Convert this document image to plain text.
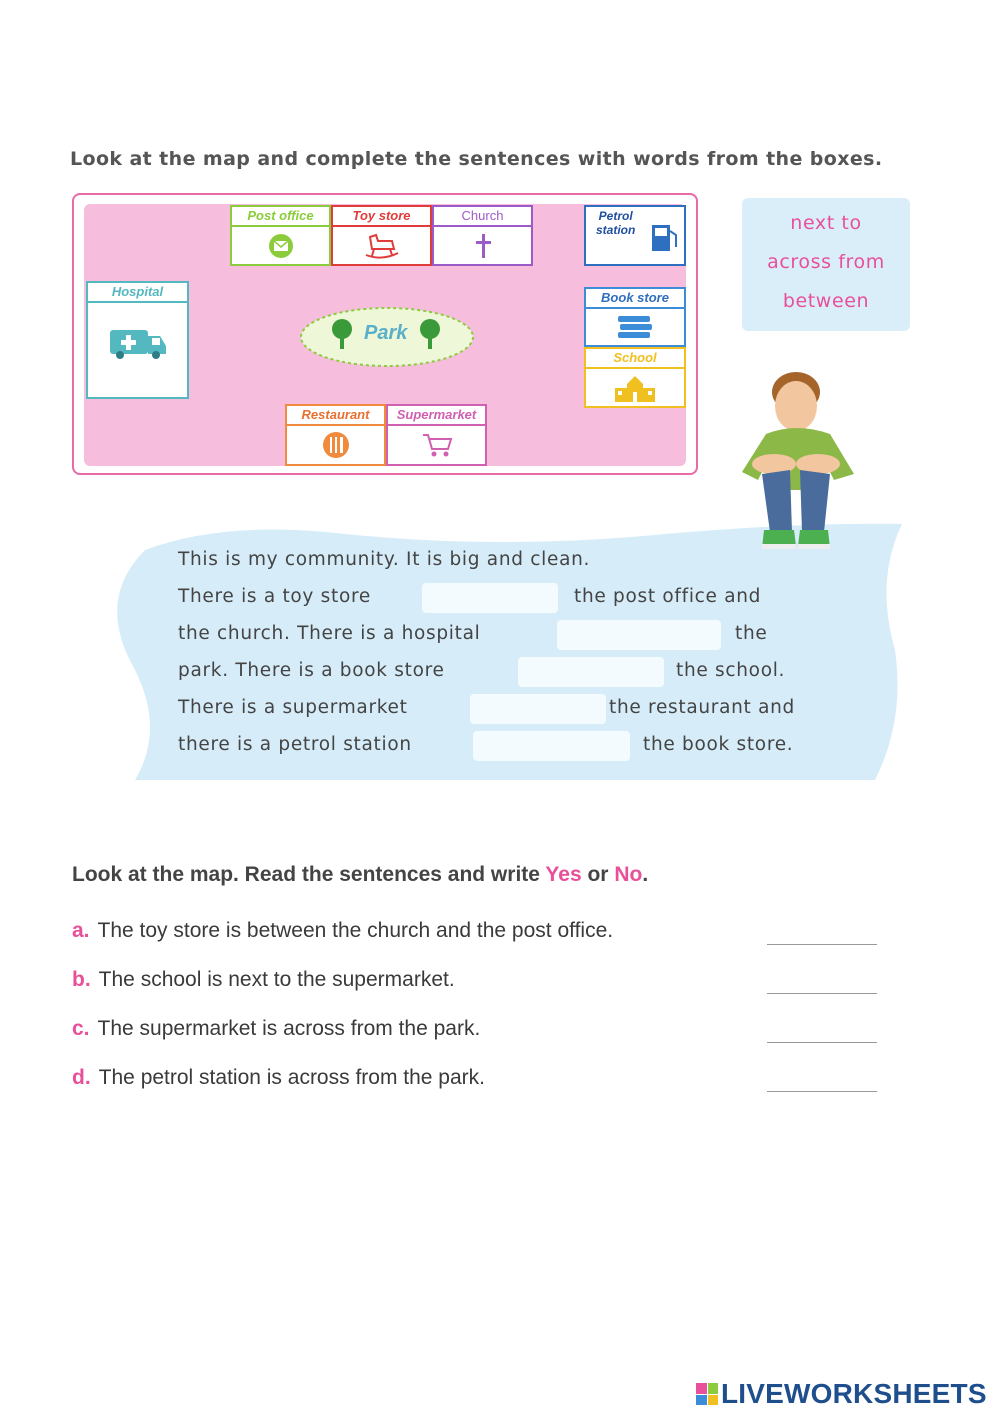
Look at the map and complete the sentences with words from the boxes.
Post office	Toy store	Church	Petrol
station
Hospital	Book store
School
Restaurant	Supermarket
Park
next to
across from
between
This is my community. It is big and clean.
There is a toy store	the post office and
the church. There is a hospital	the
park. There is a book store	the school.
There is a supermarket	the restaurant and
there is a petrol station	the book store.
Look at the map. Read the sentences and write Yes or No.
a. The toy store is between the church and the post office.
b. The school is next to the supermarket.
c. The supermarket is across from the park.
d. The petrol station is across from the park.
LIVEWORKSHEETS
